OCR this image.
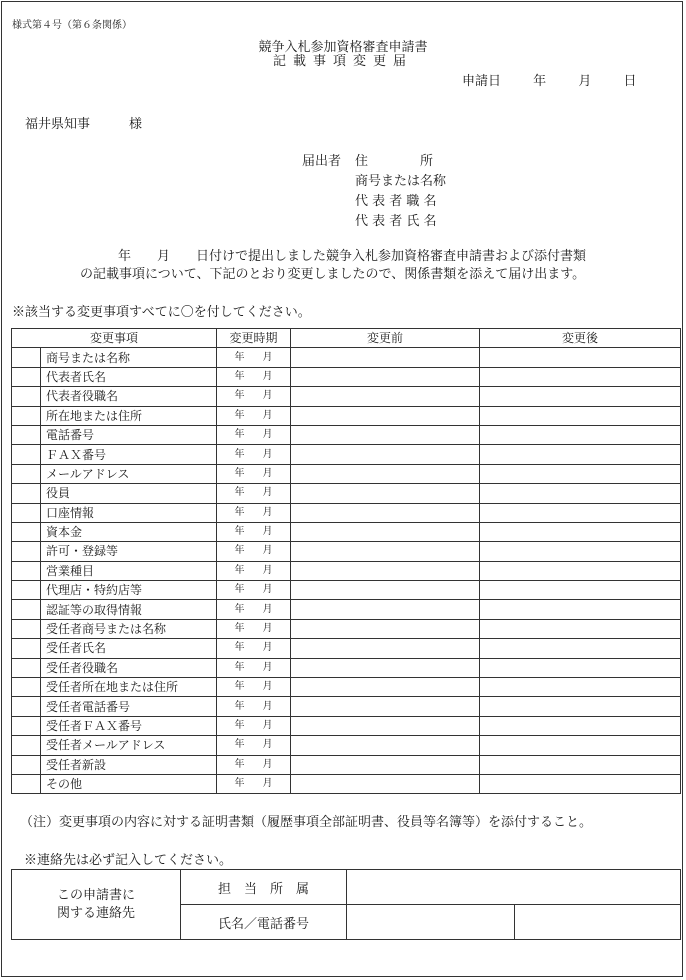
様式第４号（第６条関係）
競争入札参加資格審査申請書
記載事項変更届
申請日 年 月 日
福井県知事　　　様
届出者 住　　　　所
商号または名称
代 表 者 職 名
代 表 者 氏 名
年　　月　　日付けで提出しました競争入札参加資格審査申請書および添付書類
の記載事項について、下記のとおり変更しましたので、関係書類を添えて届け出ます。
※該当する変更事項すべてに〇を付してください。
変更事項		変更時期	変更前	変更後
	商号または名称	年 月		
	代表者氏名	年 月		
	代表者役職名	年 月		
	所在地または住所	年 月		
	電話番号	年 月		
	ＦＡＸ番号	年 月		
	メールアドレス	年 月		
	役員	年 月		
	口座情報	年 月		
	資本金	年 月		
	許可・登録等	年 月		
	営業種目	年 月		
	代理店・特約店等	年 月		
	認証等の取得情報	年 月		
	受任者商号または名称	年 月		
	受任者氏名	年 月		
	受任者役職名	年 月		
	受任者所在地または住所	年 月		
	受任者電話番号	年 月		
	受任者ＦＡＸ番号	年 月		
	受任者メールアドレス	年 月		
	受任者新設	年 月		
	その他	年 月		
（注）変更事項の内容に対する証明書類（履歴事項全部証明書、役員等名簿等）を添付すること。
※連絡先は必ず記入してください。
この申請書に
関する連絡先	担　当　所　属		
	氏名／電話番号		
